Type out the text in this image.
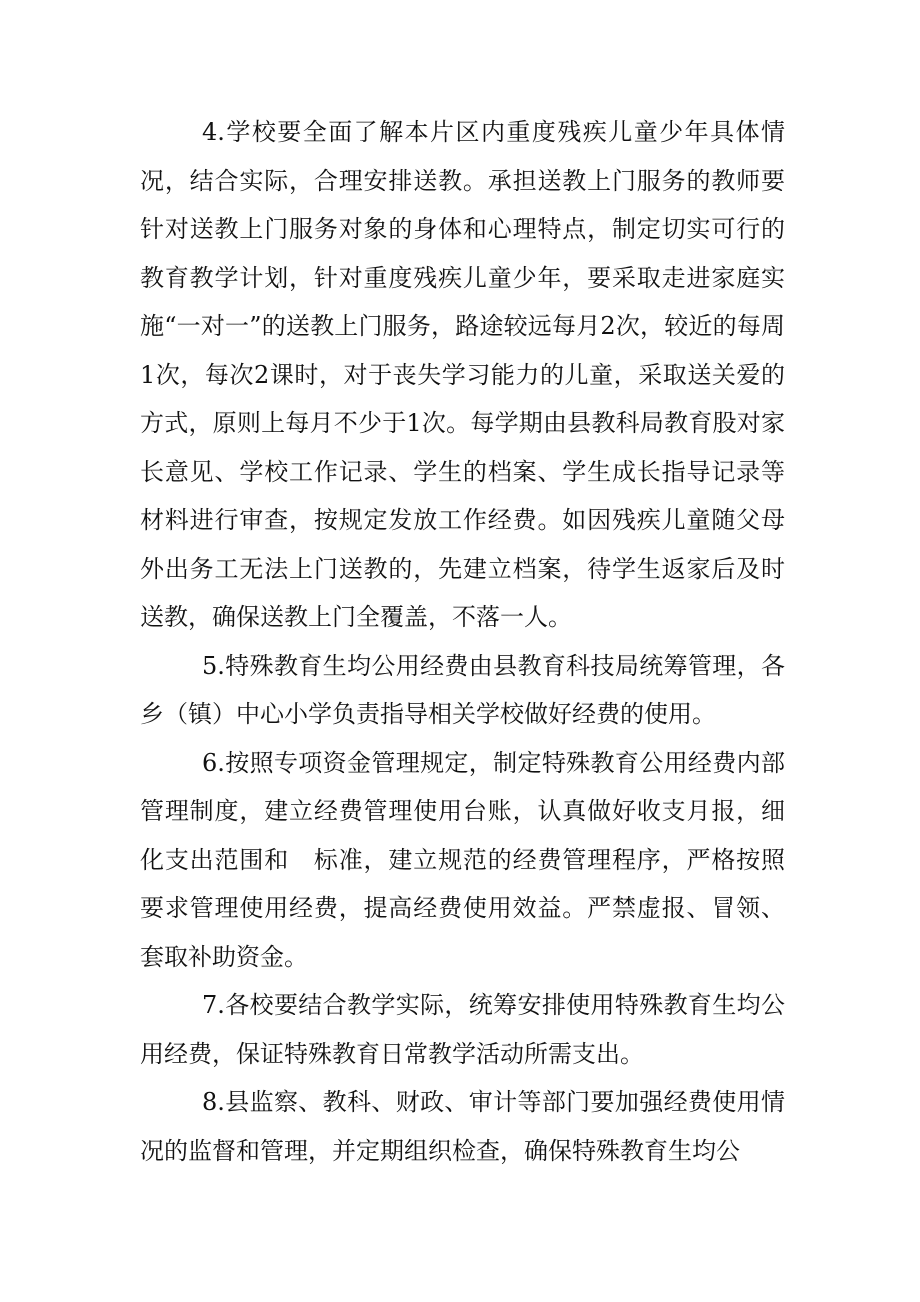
4.学校要全面了解本片区内重度残疾儿童少年具体情况，结合实际，合理安排送教。承担送教上门服务的教师要针对送教上门服务对象的身体和心理特点，制定切实可行的教育教学计划，针对重度残疾儿童少年，要采取走进家庭实施“一对一”的送教上门服务，路途较远每月2次，较近的每周1次，每次2课时，对于丧失学习能力的儿童，采取送关爱的方式，原则上每月不少于1次。每学期由县教科局教育股对家长意见、学校工作记录、学生的档案、学生成长指导记录等材料进行审查，按规定发放工作经费。如因残疾儿童随父母外出务工无法上门送教的，先建立档案，待学生返家后及时送教，确保送教上门全覆盖，不落一人。

5.特殊教育生均公用经费由县教育科技局统筹管理，各乡（镇）中心小学负责指导相关学校做好经费的使用。

6.按照专项资金管理规定，制定特殊教育公用经费内部管理制度，建立经费管理使用台账，认真做好收支月报，细化支出范围和　标准，建立规范的经费管理程序，严格按照要求管理使用经费，提高经费使用效益。严禁虚报、冒领、套取补助资金。

7.各校要结合教学实际，统筹安排使用特殊教育生均公用经费，保证特殊教育日常教学活动所需支出。

8.县监察、教科、财政、审计等部门要加强经费使用情况的监督和管理，并定期组织检查，确保特殊教育生均公
